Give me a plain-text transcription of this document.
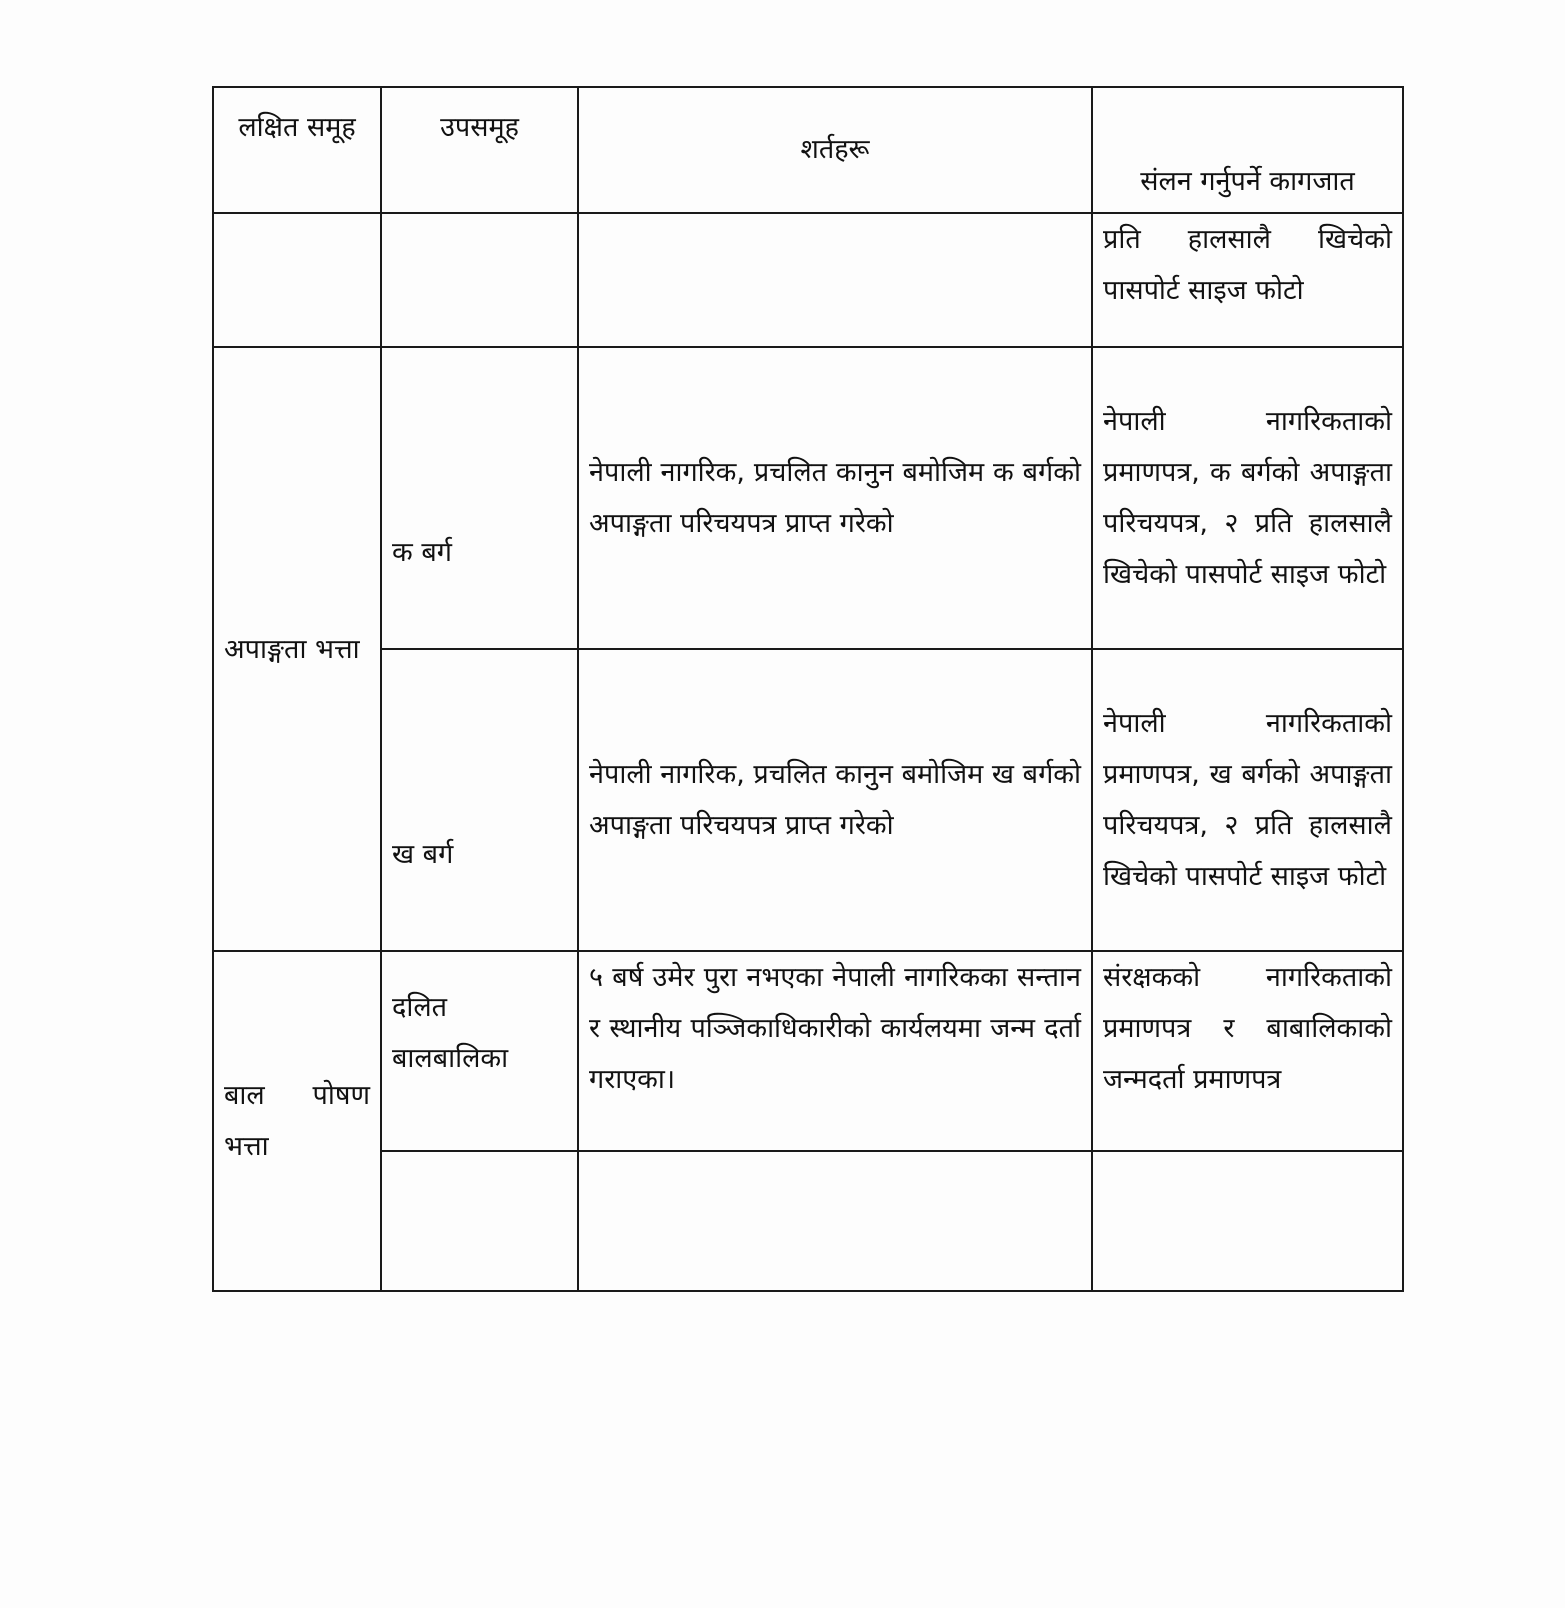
लक्षित समूह	उपसमूह	शर्तहरू	संलन गर्नुपर्ने कागजात

			प्रति हालसालै खिचेको पासपोर्ट साइज फोटो

अपाङ्गता भत्ता	क बर्ग	नेपाली नागरिक, प्रचलित कानुन बमोजिम क बर्गको अपाङ्गता परिचयपत्र प्राप्त गरेको	नेपाली नागरिकताको प्रमाणपत्र, क बर्गको अपाङ्गता परिचयपत्र, २ प्रति हालसालै खिचेको पासपोर्ट साइज फोटो

	ख बर्ग	नेपाली नागरिक, प्रचलित कानुन बमोजिम ख बर्गको अपाङ्गता परिचयपत्र प्राप्त गरेको	नेपाली नागरिकताको प्रमाणपत्र, ख बर्गको अपाङ्गता परिचयपत्र, २ प्रति हालसालै खिचेको पासपोर्ट साइज फोटो

बाल पोषण भत्ता	दलित बालबालिका	५ बर्ष उमेर पुरा नभएका नेपाली नागरिकका सन्तान र स्थानीय पञ्जिकाधिकारीको कार्यलयमा जन्म दर्ता गराएका।	संरक्षकको नागरिकताको प्रमाणपत्र र बाबालिकाको जन्मदर्ता प्रमाणपत्र
